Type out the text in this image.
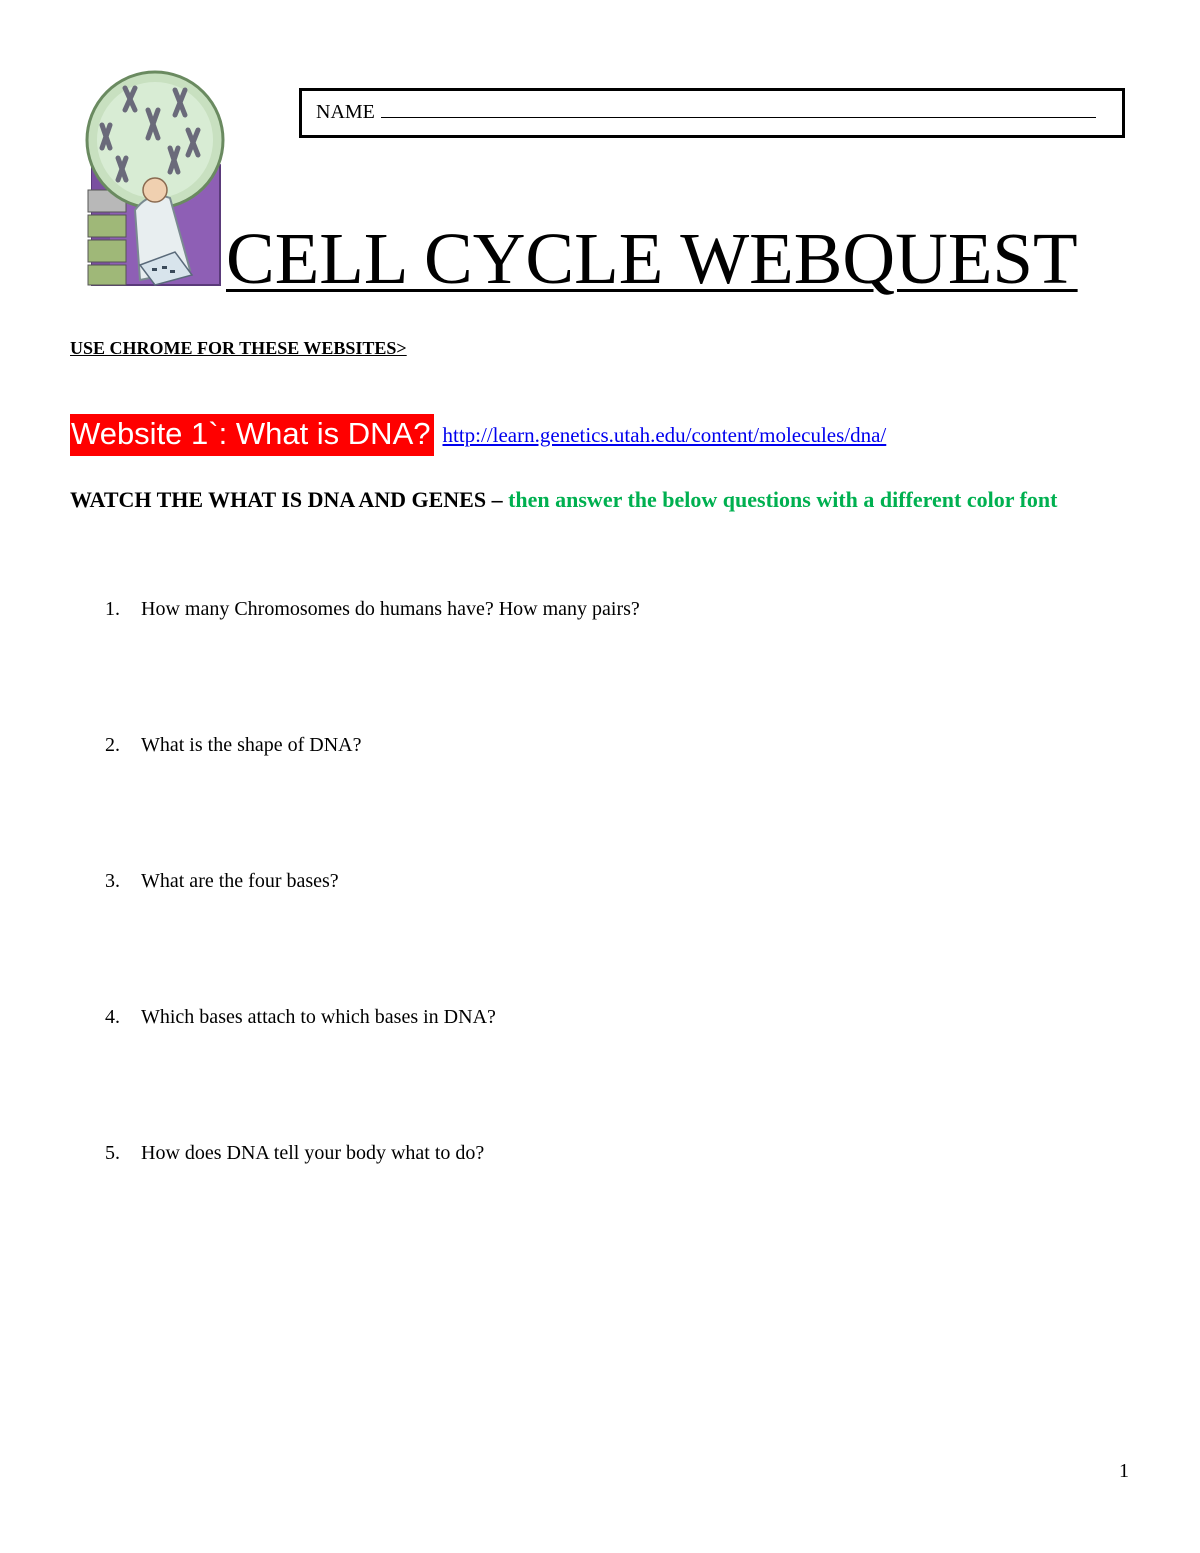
NAME
CELL CYCLE WEBQUEST
USE CHROME FOR THESE WEBSITES>
Website 1`: What is DNA? http://learn.genetics.utah.edu/content/molecules/dna/
WATCH THE WHAT IS DNA AND GENES – then answer the below questions with a different color font
1. How many Chromosomes do humans have? How many pairs?
2. What is the shape of DNA?
3. What are the four bases?
4. Which bases attach to which bases in DNA?
5. How does DNA tell your body what to do?
1
